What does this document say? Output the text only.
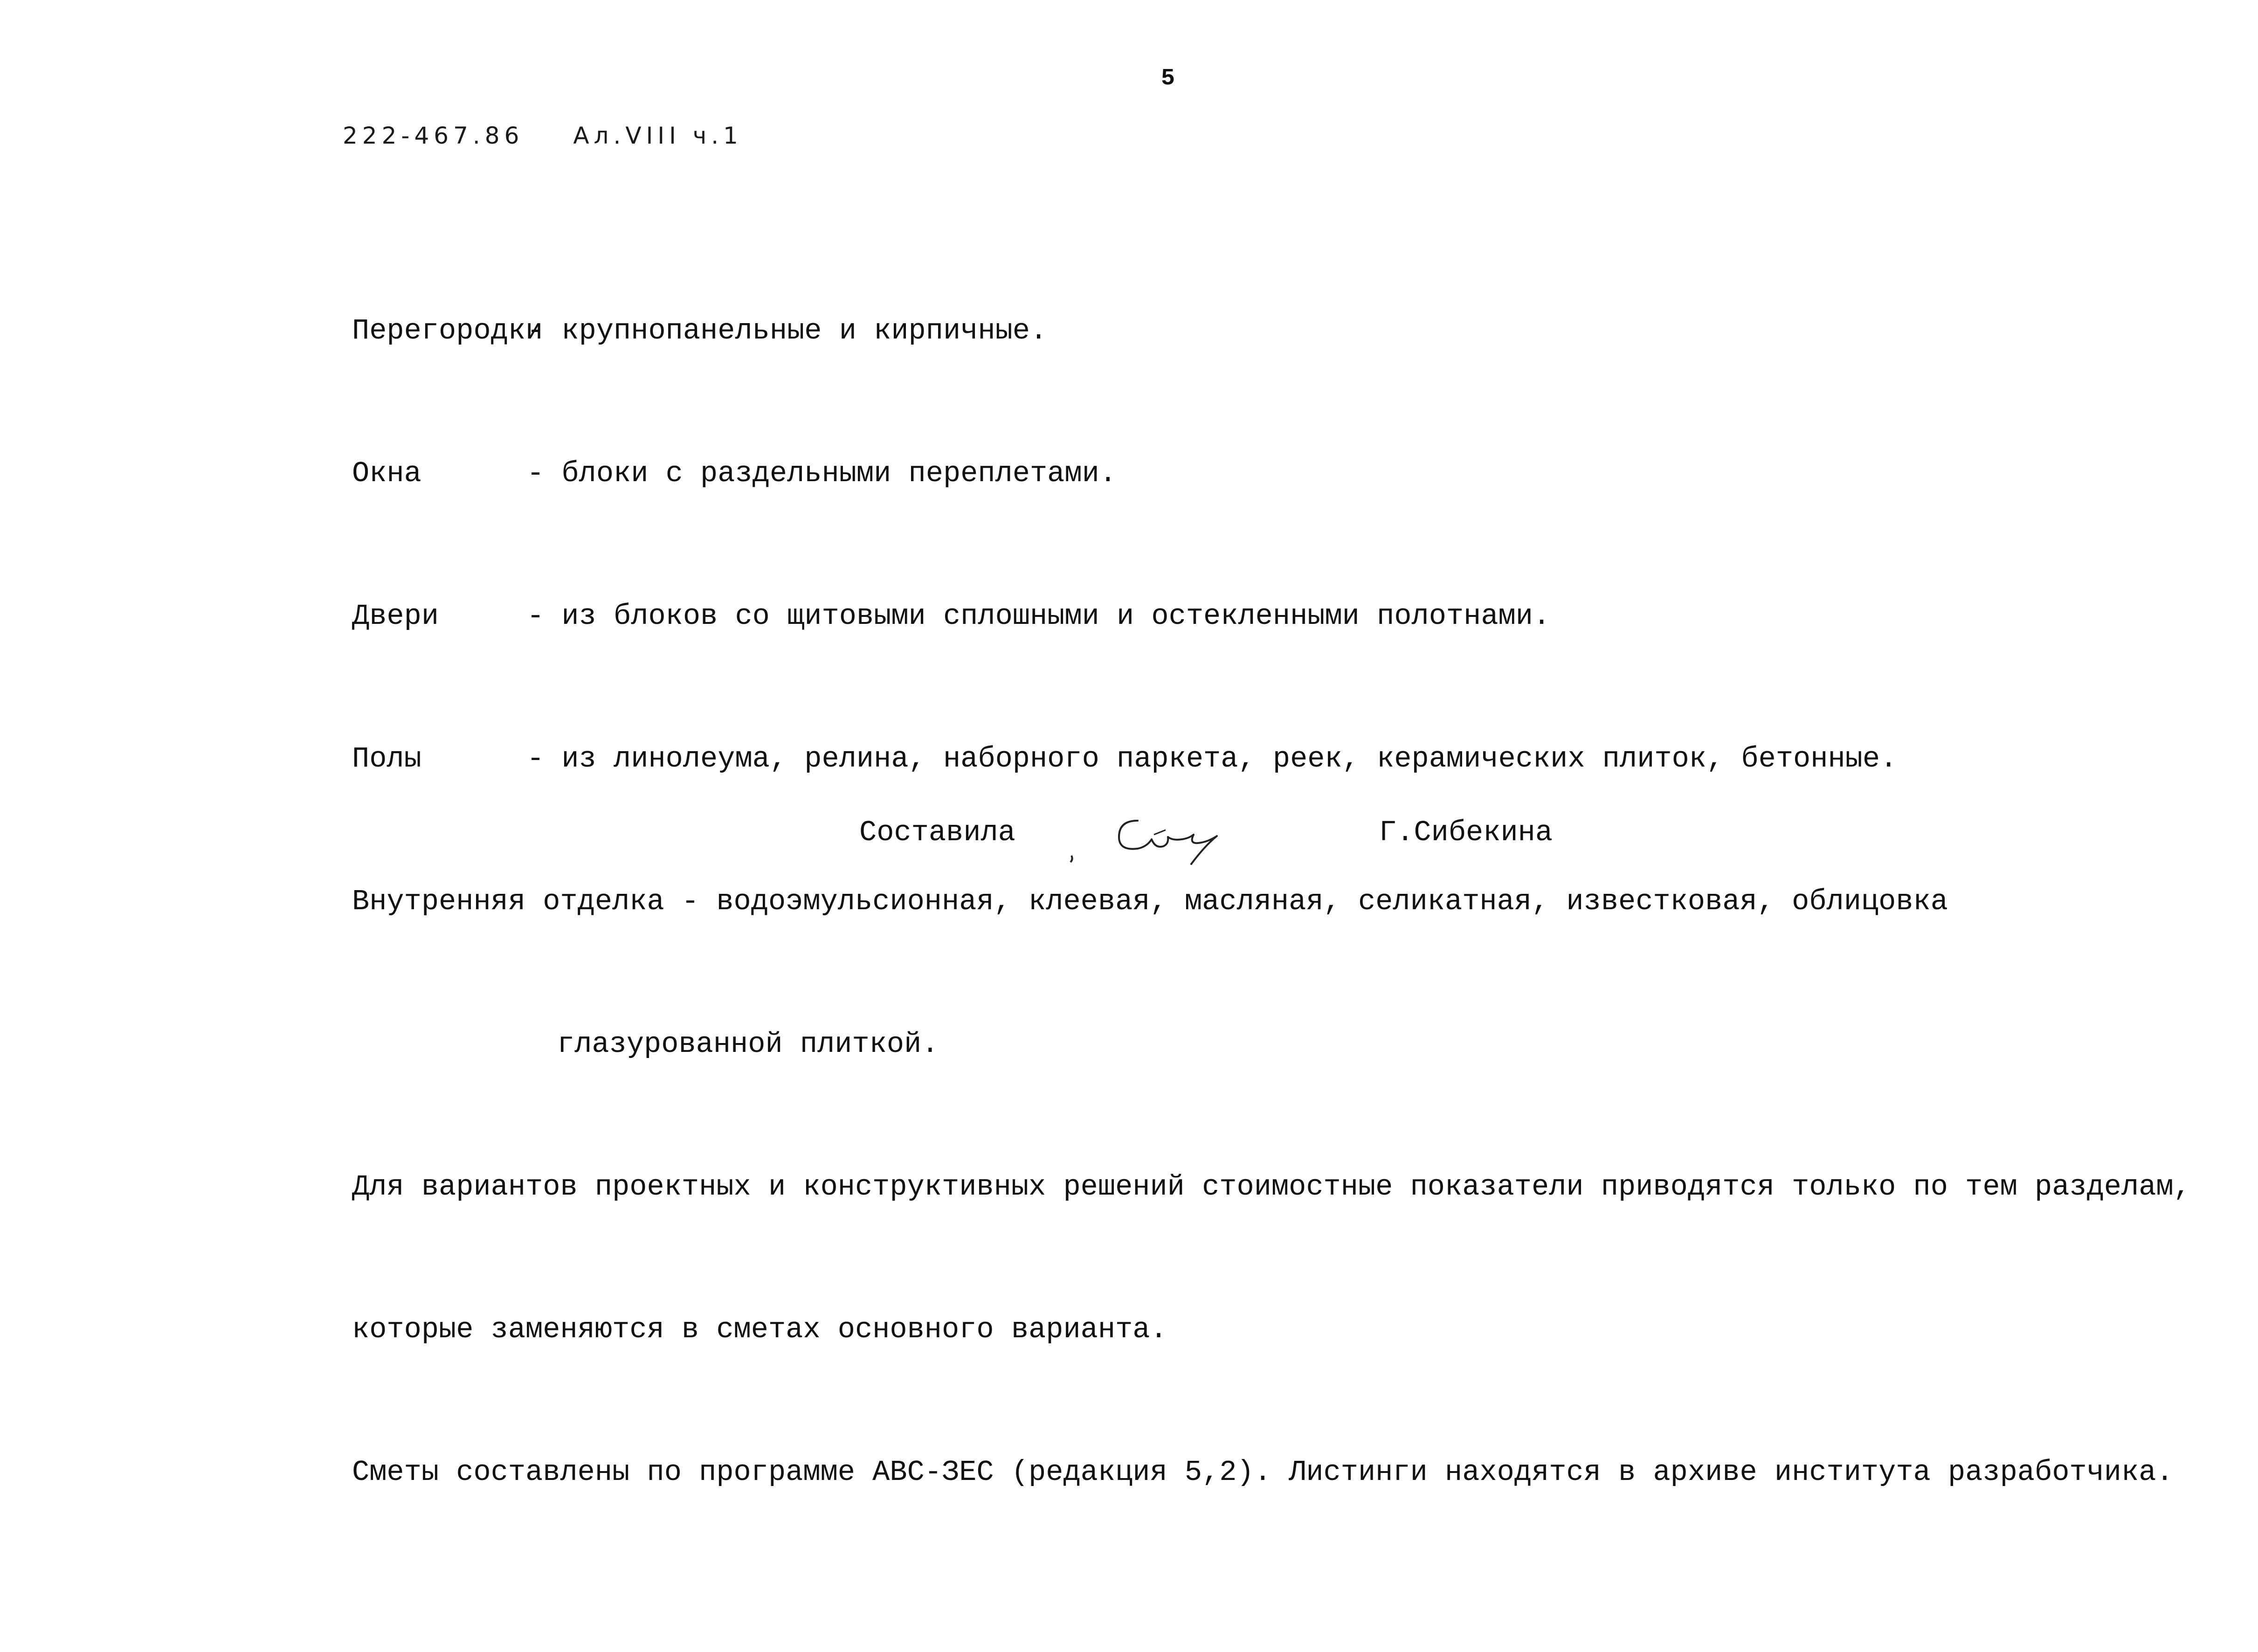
5
222-467.86 Ал.VIII ч.1

Перегородки- крупнопанельные и кирпичные.

Окна	- блоки с раздельными переплетами.

Двери	- из блоков со щитовыми сплошными и остекленными полотнами.

Полы	- из линолеума, релина, наборного паркета, реек, керамических плиток, бетонные.

Внутренняя отделка - водоэмульсионная, клеевая, масляная, селикатная, известковая, облицовка

глазурованной плиткой.

Для вариантов проектных и конструктивных решений стоимостные показатели приводятся только по тем разделам,

которые заменяются в сметах основного варианта.

Сметы составлены по программе АВС-ЗЕС (редакция 5,2). Листинги находятся в архиве института разработчика.

Составила	Г.Сибекина
